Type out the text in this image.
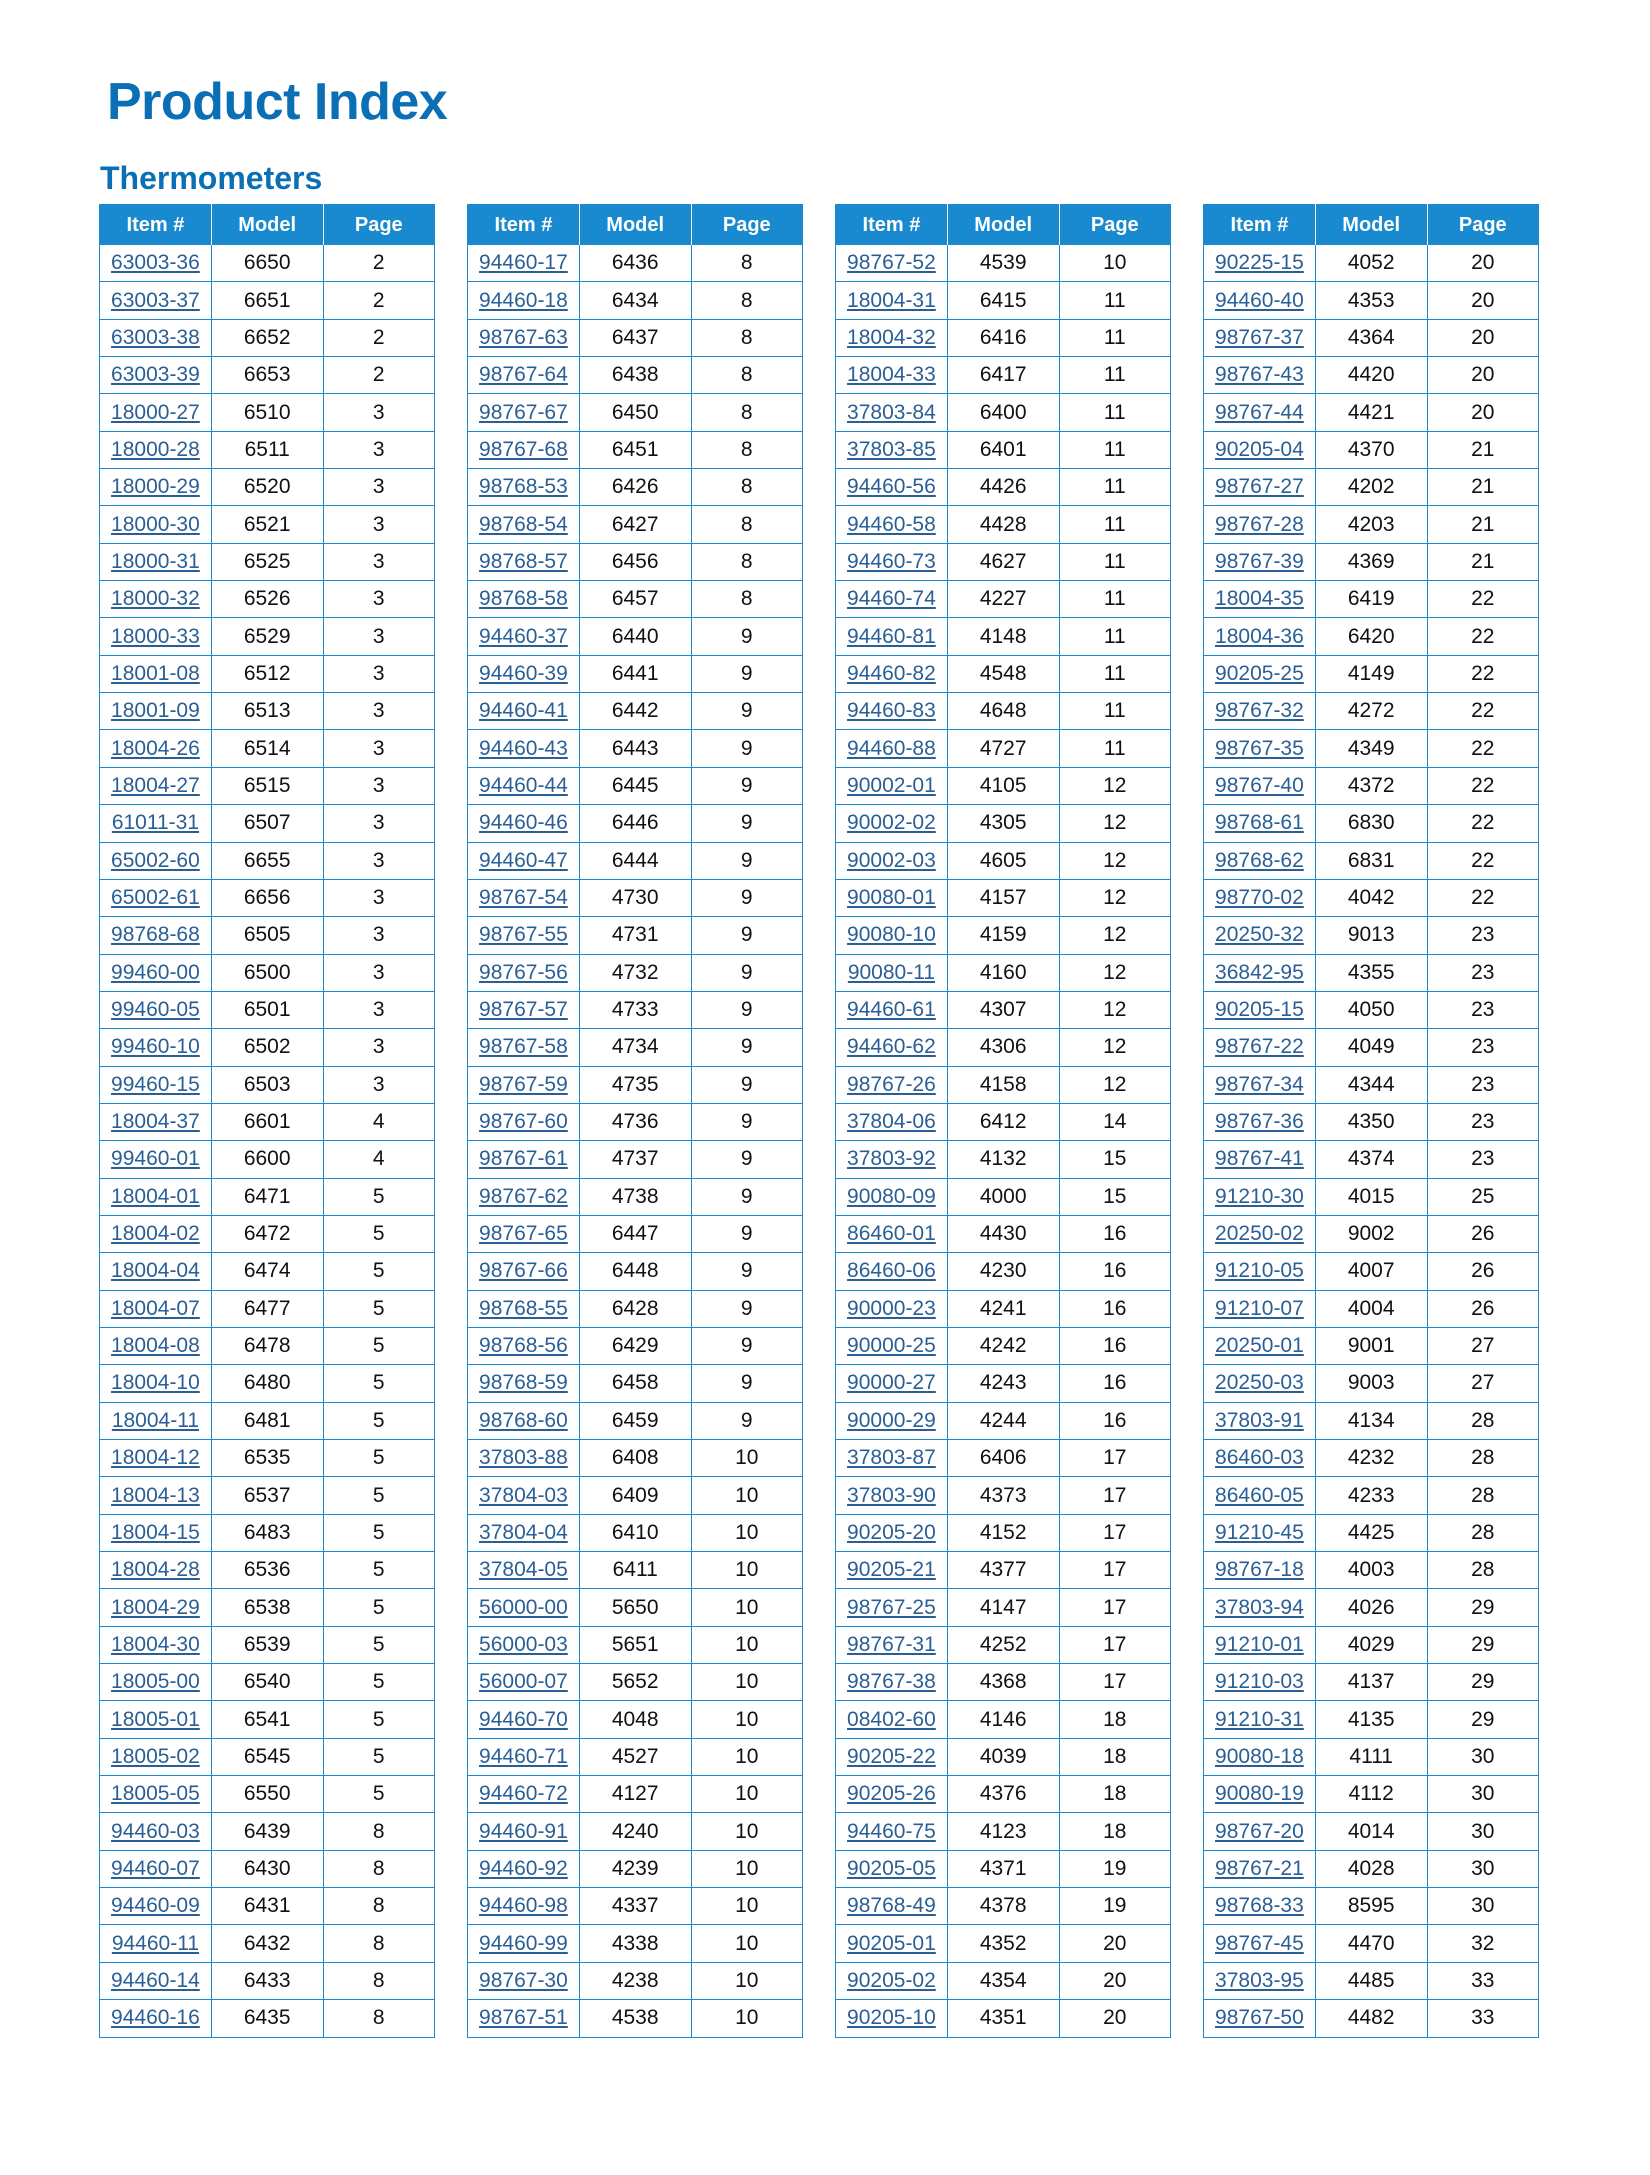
Product Index
Thermometers
Item #	Model	Page
63003-36	6650	2
63003-37	6651	2
63003-38	6652	2
63003-39	6653	2
18000-27	6510	3
18000-28	6511	3
18000-29	6520	3
18000-30	6521	3
18000-31	6525	3
18000-32	6526	3
18000-33	6529	3
18001-08	6512	3
18001-09	6513	3
18004-26	6514	3
18004-27	6515	3
61011-31	6507	3
65002-60	6655	3
65002-61	6656	3
98768-68	6505	3
99460-00	6500	3
99460-05	6501	3
99460-10	6502	3
99460-15	6503	3
18004-37	6601	4
99460-01	6600	4
18004-01	6471	5
18004-02	6472	5
18004-04	6474	5
18004-07	6477	5
18004-08	6478	5
18004-10	6480	5
18004-11	6481	5
18004-12	6535	5
18004-13	6537	5
18004-15	6483	5
18004-28	6536	5
18004-29	6538	5
18004-30	6539	5
18005-00	6540	5
18005-01	6541	5
18005-02	6545	5
18005-05	6550	5
94460-03	6439	8
94460-07	6430	8
94460-09	6431	8
94460-11	6432	8
94460-14	6433	8
94460-16	6435	8
Item #	Model	Page
94460-17	6436	8
94460-18	6434	8
98767-63	6437	8
98767-64	6438	8
98767-67	6450	8
98767-68	6451	8
98768-53	6426	8
98768-54	6427	8
98768-57	6456	8
98768-58	6457	8
94460-37	6440	9
94460-39	6441	9
94460-41	6442	9
94460-43	6443	9
94460-44	6445	9
94460-46	6446	9
94460-47	6444	9
98767-54	4730	9
98767-55	4731	9
98767-56	4732	9
98767-57	4733	9
98767-58	4734	9
98767-59	4735	9
98767-60	4736	9
98767-61	4737	9
98767-62	4738	9
98767-65	6447	9
98767-66	6448	9
98768-55	6428	9
98768-56	6429	9
98768-59	6458	9
98768-60	6459	9
37803-88	6408	10
37804-03	6409	10
37804-04	6410	10
37804-05	6411	10
56000-00	5650	10
56000-03	5651	10
56000-07	5652	10
94460-70	4048	10
94460-71	4527	10
94460-72	4127	10
94460-91	4240	10
94460-92	4239	10
94460-98	4337	10
94460-99	4338	10
98767-30	4238	10
98767-51	4538	10
Item #	Model	Page
98767-52	4539	10
18004-31	6415	11
18004-32	6416	11
18004-33	6417	11
37803-84	6400	11
37803-85	6401	11
94460-56	4426	11
94460-58	4428	11
94460-73	4627	11
94460-74	4227	11
94460-81	4148	11
94460-82	4548	11
94460-83	4648	11
94460-88	4727	11
90002-01	4105	12
90002-02	4305	12
90002-03	4605	12
90080-01	4157	12
90080-10	4159	12
90080-11	4160	12
94460-61	4307	12
94460-62	4306	12
98767-26	4158	12
37804-06	6412	14
37803-92	4132	15
90080-09	4000	15
86460-01	4430	16
86460-06	4230	16
90000-23	4241	16
90000-25	4242	16
90000-27	4243	16
90000-29	4244	16
37803-87	6406	17
37803-90	4373	17
90205-20	4152	17
90205-21	4377	17
98767-25	4147	17
98767-31	4252	17
98767-38	4368	17
08402-60	4146	18
90205-22	4039	18
90205-26	4376	18
94460-75	4123	18
90205-05	4371	19
98768-49	4378	19
90205-01	4352	20
90205-02	4354	20
90205-10	4351	20
Item #	Model	Page
90225-15	4052	20
94460-40	4353	20
98767-37	4364	20
98767-43	4420	20
98767-44	4421	20
90205-04	4370	21
98767-27	4202	21
98767-28	4203	21
98767-39	4369	21
18004-35	6419	22
18004-36	6420	22
90205-25	4149	22
98767-32	4272	22
98767-35	4349	22
98767-40	4372	22
98768-61	6830	22
98768-62	6831	22
98770-02	4042	22
20250-32	9013	23
36842-95	4355	23
90205-15	4050	23
98767-22	4049	23
98767-34	4344	23
98767-36	4350	23
98767-41	4374	23
91210-30	4015	25
20250-02	9002	26
91210-05	4007	26
91210-07	4004	26
20250-01	9001	27
20250-03	9003	27
37803-91	4134	28
86460-03	4232	28
86460-05	4233	28
91210-45	4425	28
98767-18	4003	28
37803-94	4026	29
91210-01	4029	29
91210-03	4137	29
91210-31	4135	29
90080-18	4111	30
90080-19	4112	30
98767-20	4014	30
98767-21	4028	30
98768-33	8595	30
98767-45	4470	32
37803-95	4485	33
98767-50	4482	33
